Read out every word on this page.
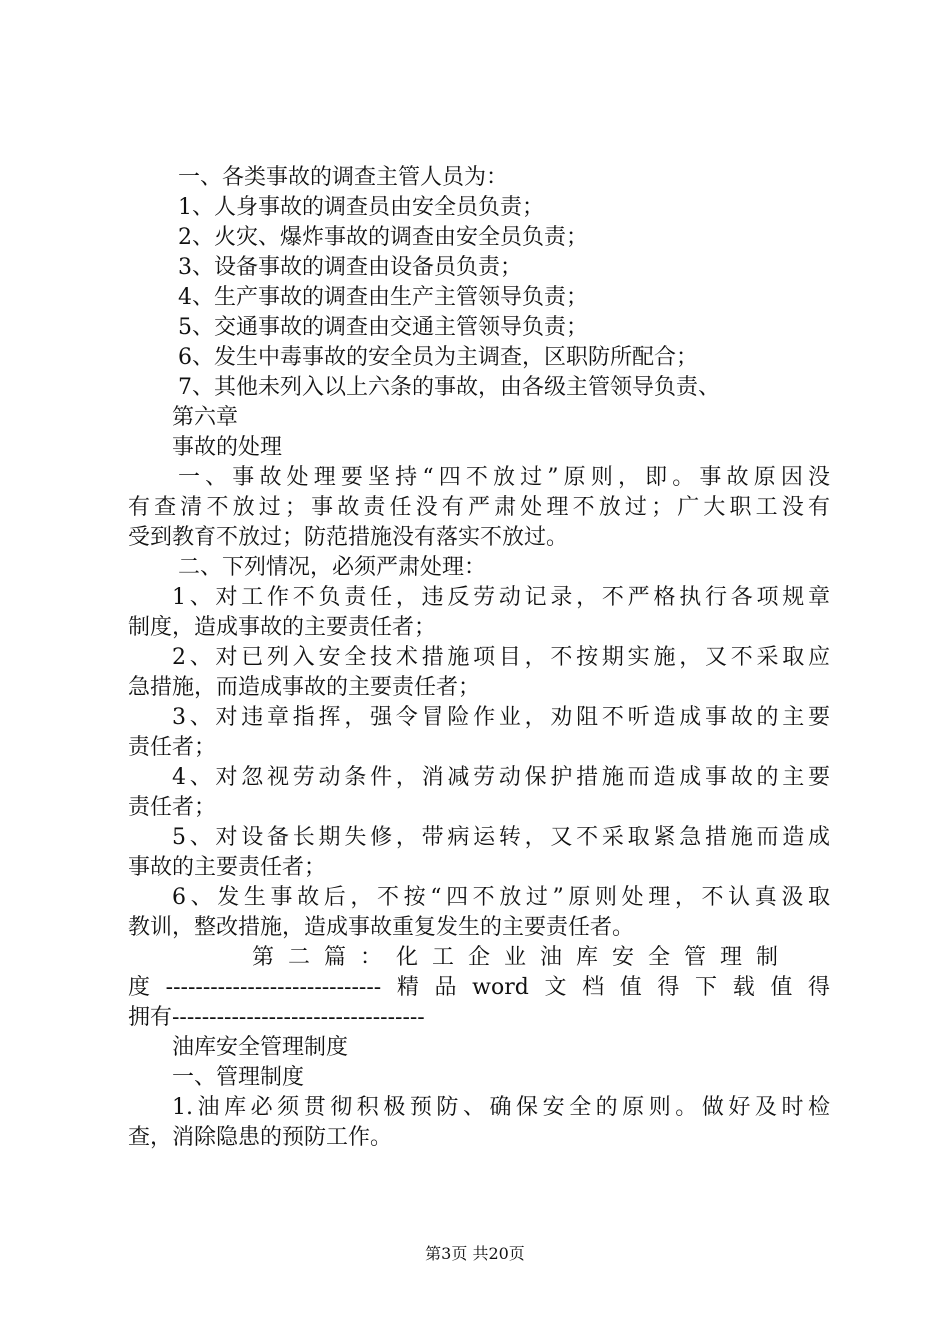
一、各类事故的调查主管人员为：
1、人身事故的调查员由安全员负责；
2、火灾、爆炸事故的调查由安全员负责；
3、设备事故的调查由设备员负责；
4、生产事故的调查由生产主管领导负责；
5、交通事故的调查由交通主管领导负责；
6、发生中毒事故的安全员为主调查，区职防所配合；
7、其他未列入以上六条的事故，由各级主管领导负责、
第六章
事故的处理
一、事故处理要坚持“四不放过”原则，即。事故原因没
有查清不放过；事故责任没有严肃处理不放过；广大职工没有
受到教育不放过；防范措施没有落实不放过。
二、下列情况，必须严肃处理：
1、对工作不负责任，违反劳动记录，不严格执行各项规章
制度，造成事故的主要责任者；
2、对已列入安全技术措施项目，不按期实施，又不采取应
急措施，而造成事故的主要责任者；
3、对违章指挥，强令冒险作业，劝阻不听造成事故的主要
责任者；
4、对忽视劳动条件，消减劳动保护措施而造成事故的主要
责任者；
5、对设备长期失修，带病运转，又不采取紧急措施而造成
事故的主要责任者；
6、发生事故后，不按“四不放过”原则处理，不认真汲取
教训，整改措施，造成事故重复发生的主要责任者。
第二篇：化工企业油库安全管理制
度-----------------------------精品word文档值得下载值得
拥有----------------------------------
油库安全管理制度
一、管理制度
1.油库必须贯彻积极预防、确保安全的原则。做好及时检
查，消除隐患的预防工作。
第3页 共20页
